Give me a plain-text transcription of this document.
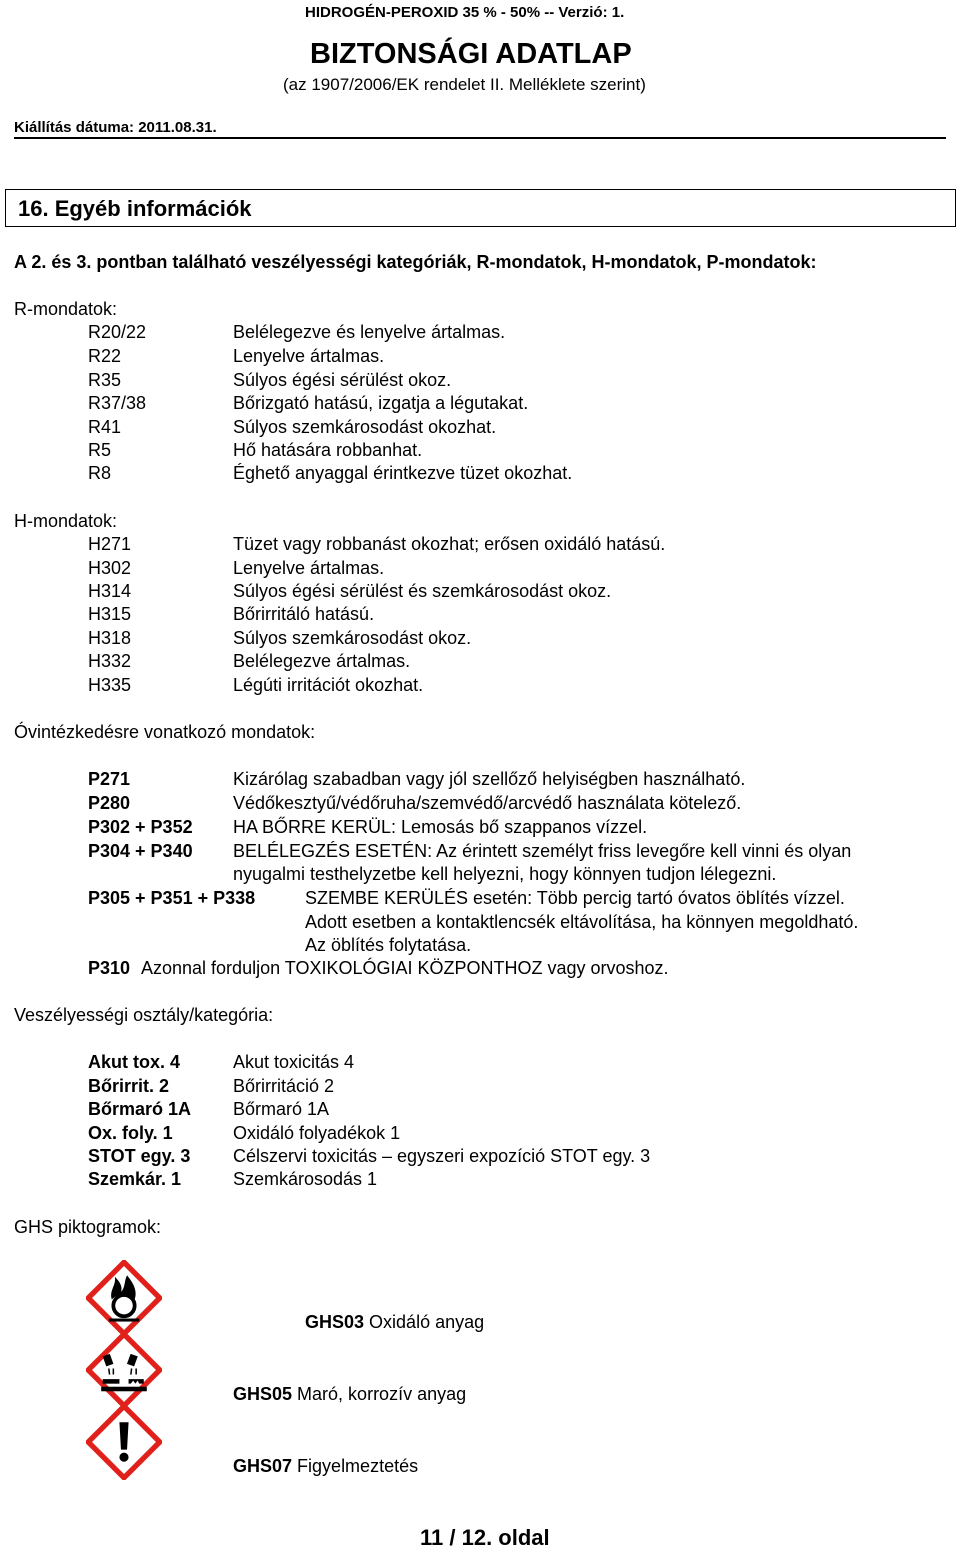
HIDROGÉN-PEROXID 35 % - 50% -- Verzió: 1.
BIZTONSÁGI ADATLAP
(az 1907/2006/EK rendelet II. Melléklete szerint)
Kiállítás dátuma: 2011.08.31.
16. Egyéb információk
A 2. és 3. pontban található veszélyességi kategóriák, R-mondatok, H-mondatok, P-mondatok:
R-mondatok:
R20/22	Belélegezve és lenyelve ártalmas.
R22	Lenyelve ártalmas.
R35	Súlyos égési sérülést okoz.
R37/38	Bőrizgató hatású, izgatja a légutakat.
R41	Súlyos szemkárosodást okozhat.
R5	Hő hatására robbanhat.
R8	Éghető anyaggal érintkezve tüzet okozhat.
H-mondatok:
H271	Tüzet vagy robbanást okozhat; erősen oxidáló hatású.
H302	Lenyelve ártalmas.
H314	Súlyos égési sérülést és szemkárosodást okoz.
H315	Bőrirritáló hatású.
H318	Súlyos szemkárosodást okoz.
H332	Belélegezve ártalmas.
H335	Légúti irritációt okozhat.
Óvintézkedésre vonatkozó mondatok:
P271	Kizárólag szabadban vagy jól szellőző helyiségben használható.
P280	Védőkesztyű/védőruha/szemvédő/arcvédő használata kötelező.
P302 + P352 HA BŐRRE KERÜL: Lemosás bő szappanos vízzel.
P304 + P340 BELÉLEGZÉS ESETÉN: Az érintett személyt friss levegőre kell vinni és olyan
nyugalmi testhelyzetbe kell helyezni, hogy könnyen tudjon lélegezni.
P305 + P351 + P338	SZEMBE KERÜLÉS esetén: Több percig tartó óvatos öblítés vízzel.
Adott esetben a kontaktlencsék eltávolítása, ha könnyen megoldható.
Az öblítés folytatása.
P310 Azonnal forduljon TOXIKOLÓGIAI KÖZPONTHOZ vagy orvoshoz.
Veszélyességi osztály/kategória:
Akut tox. 4	Akut toxicitás 4
Bőrirrit. 2	Bőrirritáció 2
Bőrmaró 1A Bőrmaró 1A
Ox. foly. 1	Oxidáló folyadékok 1
STOT egy. 3 Célszervi toxicitás – egyszeri expozíció STOT egy. 3
Szemkár. 1	Szemkárosodás 1
GHS piktogramok:
GHS03 Oxidáló anyag
GHS05 Maró, korrozív anyag
GHS07 Figyelmeztetés
11 / 12. oldal
